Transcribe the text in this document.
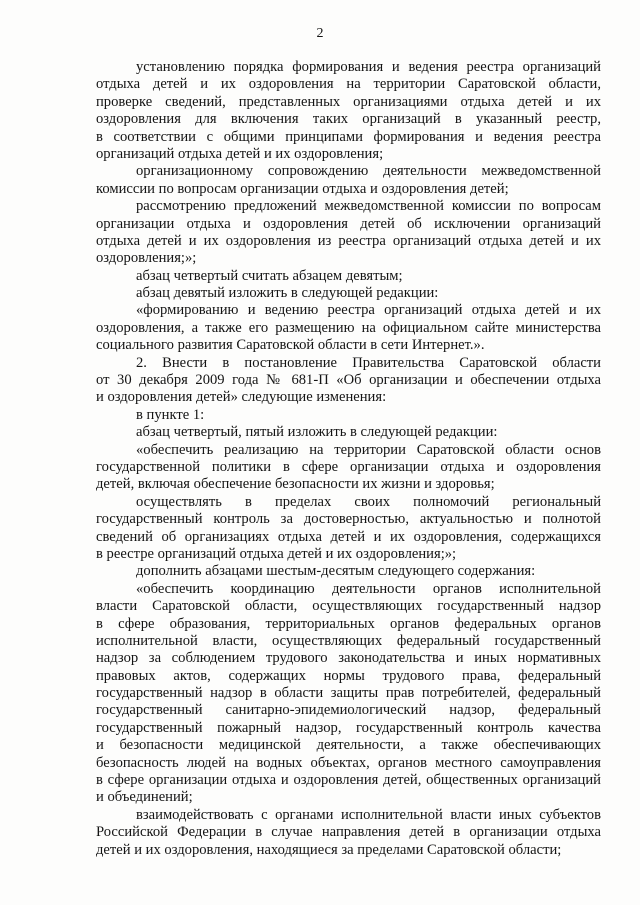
2
установлению порядка формирования и ведения реестра организаций
отдыха детей и их оздоровления на территории Саратовской области,
проверке сведений, представленных организациями отдыха детей и их
оздоровления для включения таких организаций в указанный реестр,
в соответствии с общими принципами формирования и ведения реестра
организаций отдыха детей и их оздоровления;
организационному сопровождению деятельности межведомственной
комиссии по вопросам организации отдыха и оздоровления детей;
рассмотрению предложений межведомственной комиссии по вопросам
организации отдыха и оздоровления детей об исключении организаций
отдыха детей и их оздоровления из реестра организаций отдыха детей и их
оздоровления;»;
абзац четвертый считать абзацем девятым;
абзац девятый изложить в следующей редакции:
«формированию и ведению реестра организаций отдыха детей и их
оздоровления, а также его размещению на официальном сайте министерства
социального развития Саратовской области в сети Интернет.».
2. Внести в постановление Правительства Саратовской области
от 30 декабря 2009 года № 681-П «Об организации и обеспечении отдыха
и оздоровления детей» следующие изменения:
в пункте 1:
абзац четвертый, пятый изложить в следующей редакции:
«обеспечить реализацию на территории Саратовской области основ
государственной политики в сфере организации отдыха и оздоровления
детей, включая обеспечение безопасности их жизни и здоровья;
осуществлять в пределах своих полномочий региональный
государственный контроль за достоверностью, актуальностью и полнотой
сведений об организациях отдыха детей и их оздоровления, содержащихся
в реестре организаций отдыха детей и их оздоровления;»;
дополнить абзацами шестым-десятым следующего содержания:
«обеспечить координацию деятельности органов исполнительной
власти Саратовской области, осуществляющих государственный надзор
в сфере образования, территориальных органов федеральных органов
исполнительной власти, осуществляющих федеральный государственный
надзор за соблюдением трудового законодательства и иных нормативных
правовых актов, содержащих нормы трудового права, федеральный
государственный надзор в области защиты прав потребителей, федеральный
государственный санитарно-эпидемиологический надзор, федеральный
государственный пожарный надзор, государственный контроль качества
и безопасности медицинской деятельности, а также обеспечивающих
безопасность людей на водных объектах, органов местного самоуправления
в сфере организации отдыха и оздоровления детей, общественных организаций
и объединений;
взаимодействовать с органами исполнительной власти иных субъектов
Российской Федерации в случае направления детей в организации отдыха
детей и их оздоровления, находящиеся за пределами Саратовской области;
